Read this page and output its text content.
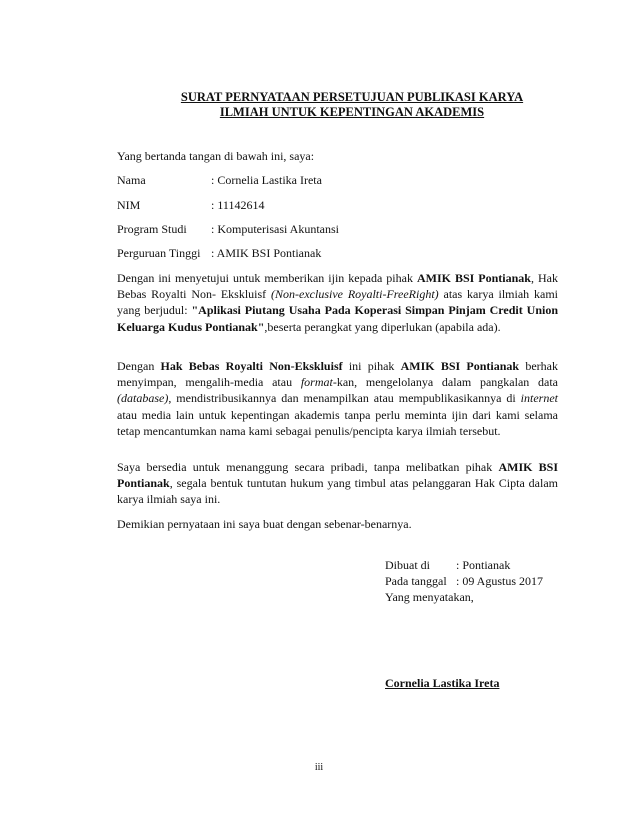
SURAT PERNYATAAN PERSETUJUAN PUBLIKASI KARYA
ILMIAH UNTUK KEPENTINGAN AKADEMIS
Yang bertanda tangan di bawah ini, saya:
Nama	: Cornelia Lastika Ireta
NIM	: 11142614
Program Studi : Komputerisasi Akuntansi
Perguruan Tinggi : AMIK BSI Pontianak
Dengan ini menyetujui untuk memberikan ijin kepada pihak AMIK BSI Pontianak, Hak Bebas Royalti Non- Ekskluisf (Non-exclusive Royalti-FreeRight) atas karya ilmiah kami yang berjudul: "Aplikasi Piutang Usaha Pada Koperasi Simpan Pinjam Credit Union Keluarga Kudus Pontianak",beserta perangkat yang diperlukan (apabila ada).
Dengan Hak Bebas Royalti Non-Ekskluisf ini pihak AMIK BSI Pontianak berhak menyimpan, mengalih-media atau format-kan, mengelolanya dalam pangkalan data (database), mendistribusikannya dan menampilkan atau mempublikasikannya di internet atau media lain untuk kepentingan akademis tanpa perlu meminta ijin dari kami selama tetap mencantumkan nama kami sebagai penulis/pencipta karya ilmiah tersebut.
Saya bersedia untuk menanggung secara pribadi, tanpa melibatkan pihak AMIK BSI Pontianak, segala bentuk tuntutan hukum yang timbul atas pelanggaran Hak Cipta dalam karya ilmiah saya ini.
Demikian pernyataan ini saya buat dengan sebenar-benarnya.
Dibuat di : Pontianak
Pada tanggal : 09 Agustus 2017
Yang menyatakan,
Cornelia Lastika Ireta
iii
